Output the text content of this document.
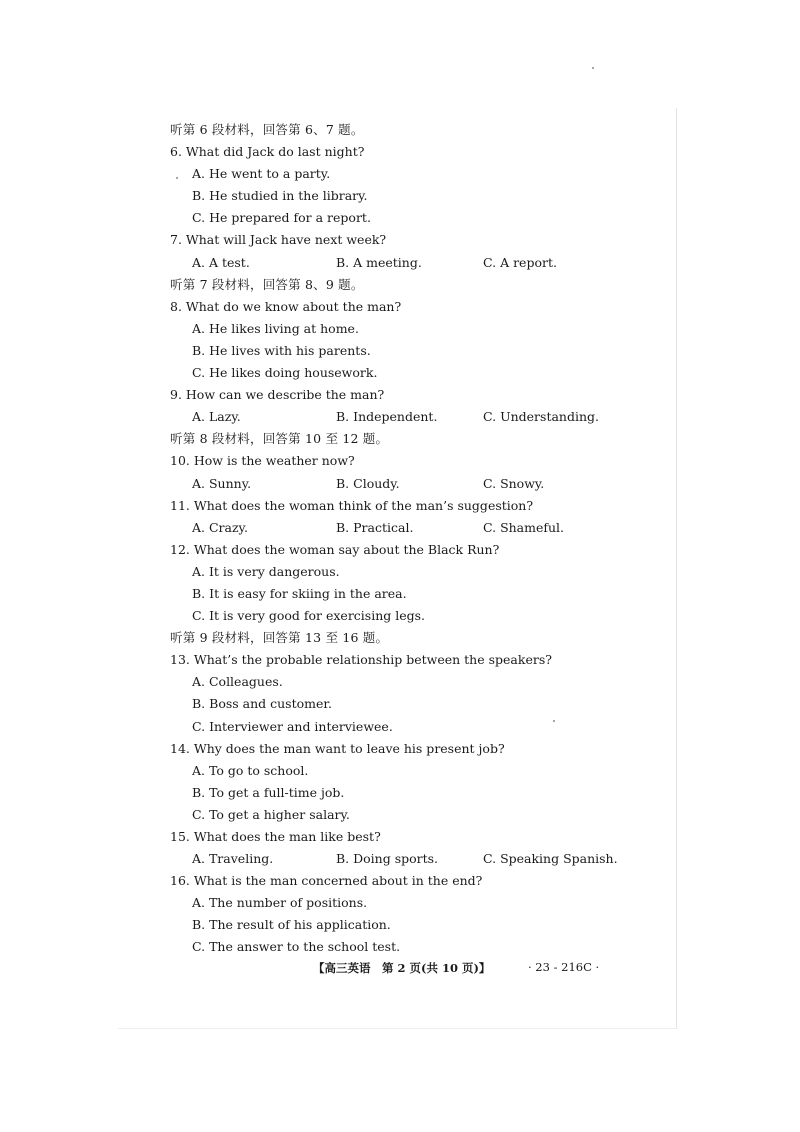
听第 6 段材料，回答第 6、7 题。
6. What did Jack do last night?
A. He went to a party.
B. He studied in the library.
C. He prepared for a report.
7. What will Jack have next week?
A. A test.	B. A meeting.	C. A report.
听第 7 段材料，回答第 8、9 题。
8. What do we know about the man?
A. He likes living at home.
B. He lives with his parents.
C. He likes doing housework.
9. How can we describe the man?
A. Lazy.	B. Independent.	C. Understanding.
听第 8 段材料，回答第 10 至 12 题。
10. How is the weather now?
A. Sunny.	B. Cloudy.	C. Snowy.
11. What does the woman think of the man’s suggestion?
A. Crazy.	B. Practical.	C. Shameful.
12. What does the woman say about the Black Run?
A. It is very dangerous.
B. It is easy for skiing in the area.
C. It is very good for exercising legs.
听第 9 段材料，回答第 13 至 16 题。
13. What’s the probable relationship between the speakers?
A. Colleagues.
B. Boss and customer.
C. Interviewer and interviewee.
14. Why does the man want to leave his present job?
A. To go to school.
B. To get a full-time job.
C. To get a higher salary.
15. What does the man like best?
A. Traveling.	B. Doing sports.	C. Speaking Spanish.
16. What is the man concerned about in the end?
A. The number of positions.
B. The result of his application.
C. The answer to the school test.
【高三英语　第 2 页(共 10 页)】	· 23 - 216C ·
